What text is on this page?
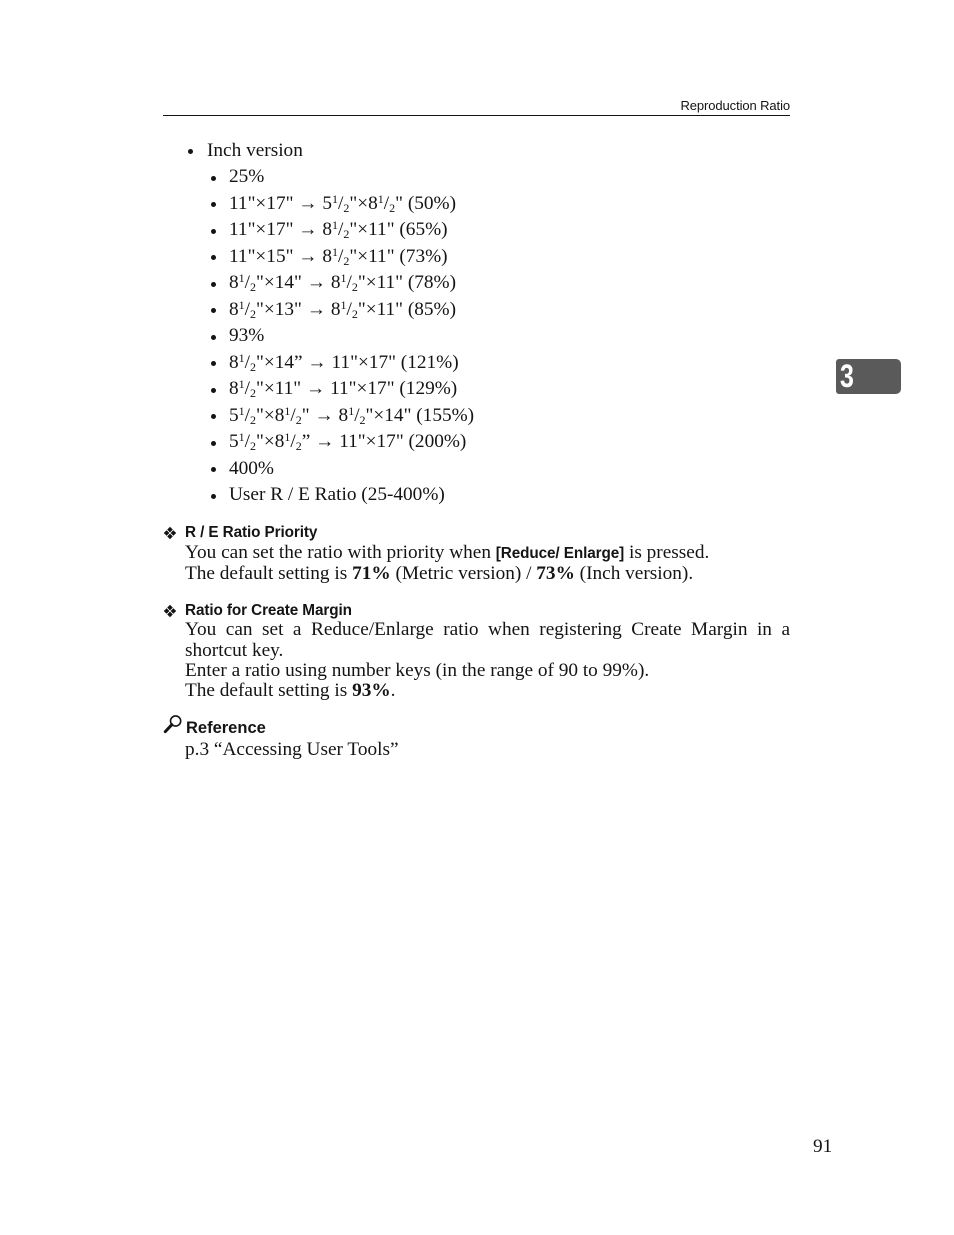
Reproduction Ratio
3
Inch version
25%
11"×17" → $5^1/_2"\times 8^1/_2$" (50%)
11"×17" → $8^1/_2"\times 11$" (65%)
11"×15" → $8^1/_2"\times 11$" (73%)
$8^1/_2"\times 14$" → $8^1/_2"\times 11$" (78%)
$8^1/_2"\times 13$" → $8^1/_2"\times 11$" (85%)
93%
$8^1/_2"\times 14$” → 11"×17" (121%)
$8^1/_2"\times 11$" → 11"×17" (129%)
$5^1/_2"\times 8^1/_2$" → $8^1/_2"\times 14$" (155%)
$5^1/_2"\times 8^1/_2$” → 11"×17" (200%)
400%
User R / E Ratio (25-400%)
R / E Ratio Priority
You can set the ratio with priority when [Reduce/ Enlarge] is pressed.
The default setting is 71% (Metric version) / 73% (Inch version).
Ratio for Create Margin
You can set a Reduce/Enlarge ratio when registering Create Margin in a shortcut key.
Enter a ratio using number keys (in the range of 90 to 99%).
The default setting is 93%.
Reference
p.3 “Accessing User Tools”
91
